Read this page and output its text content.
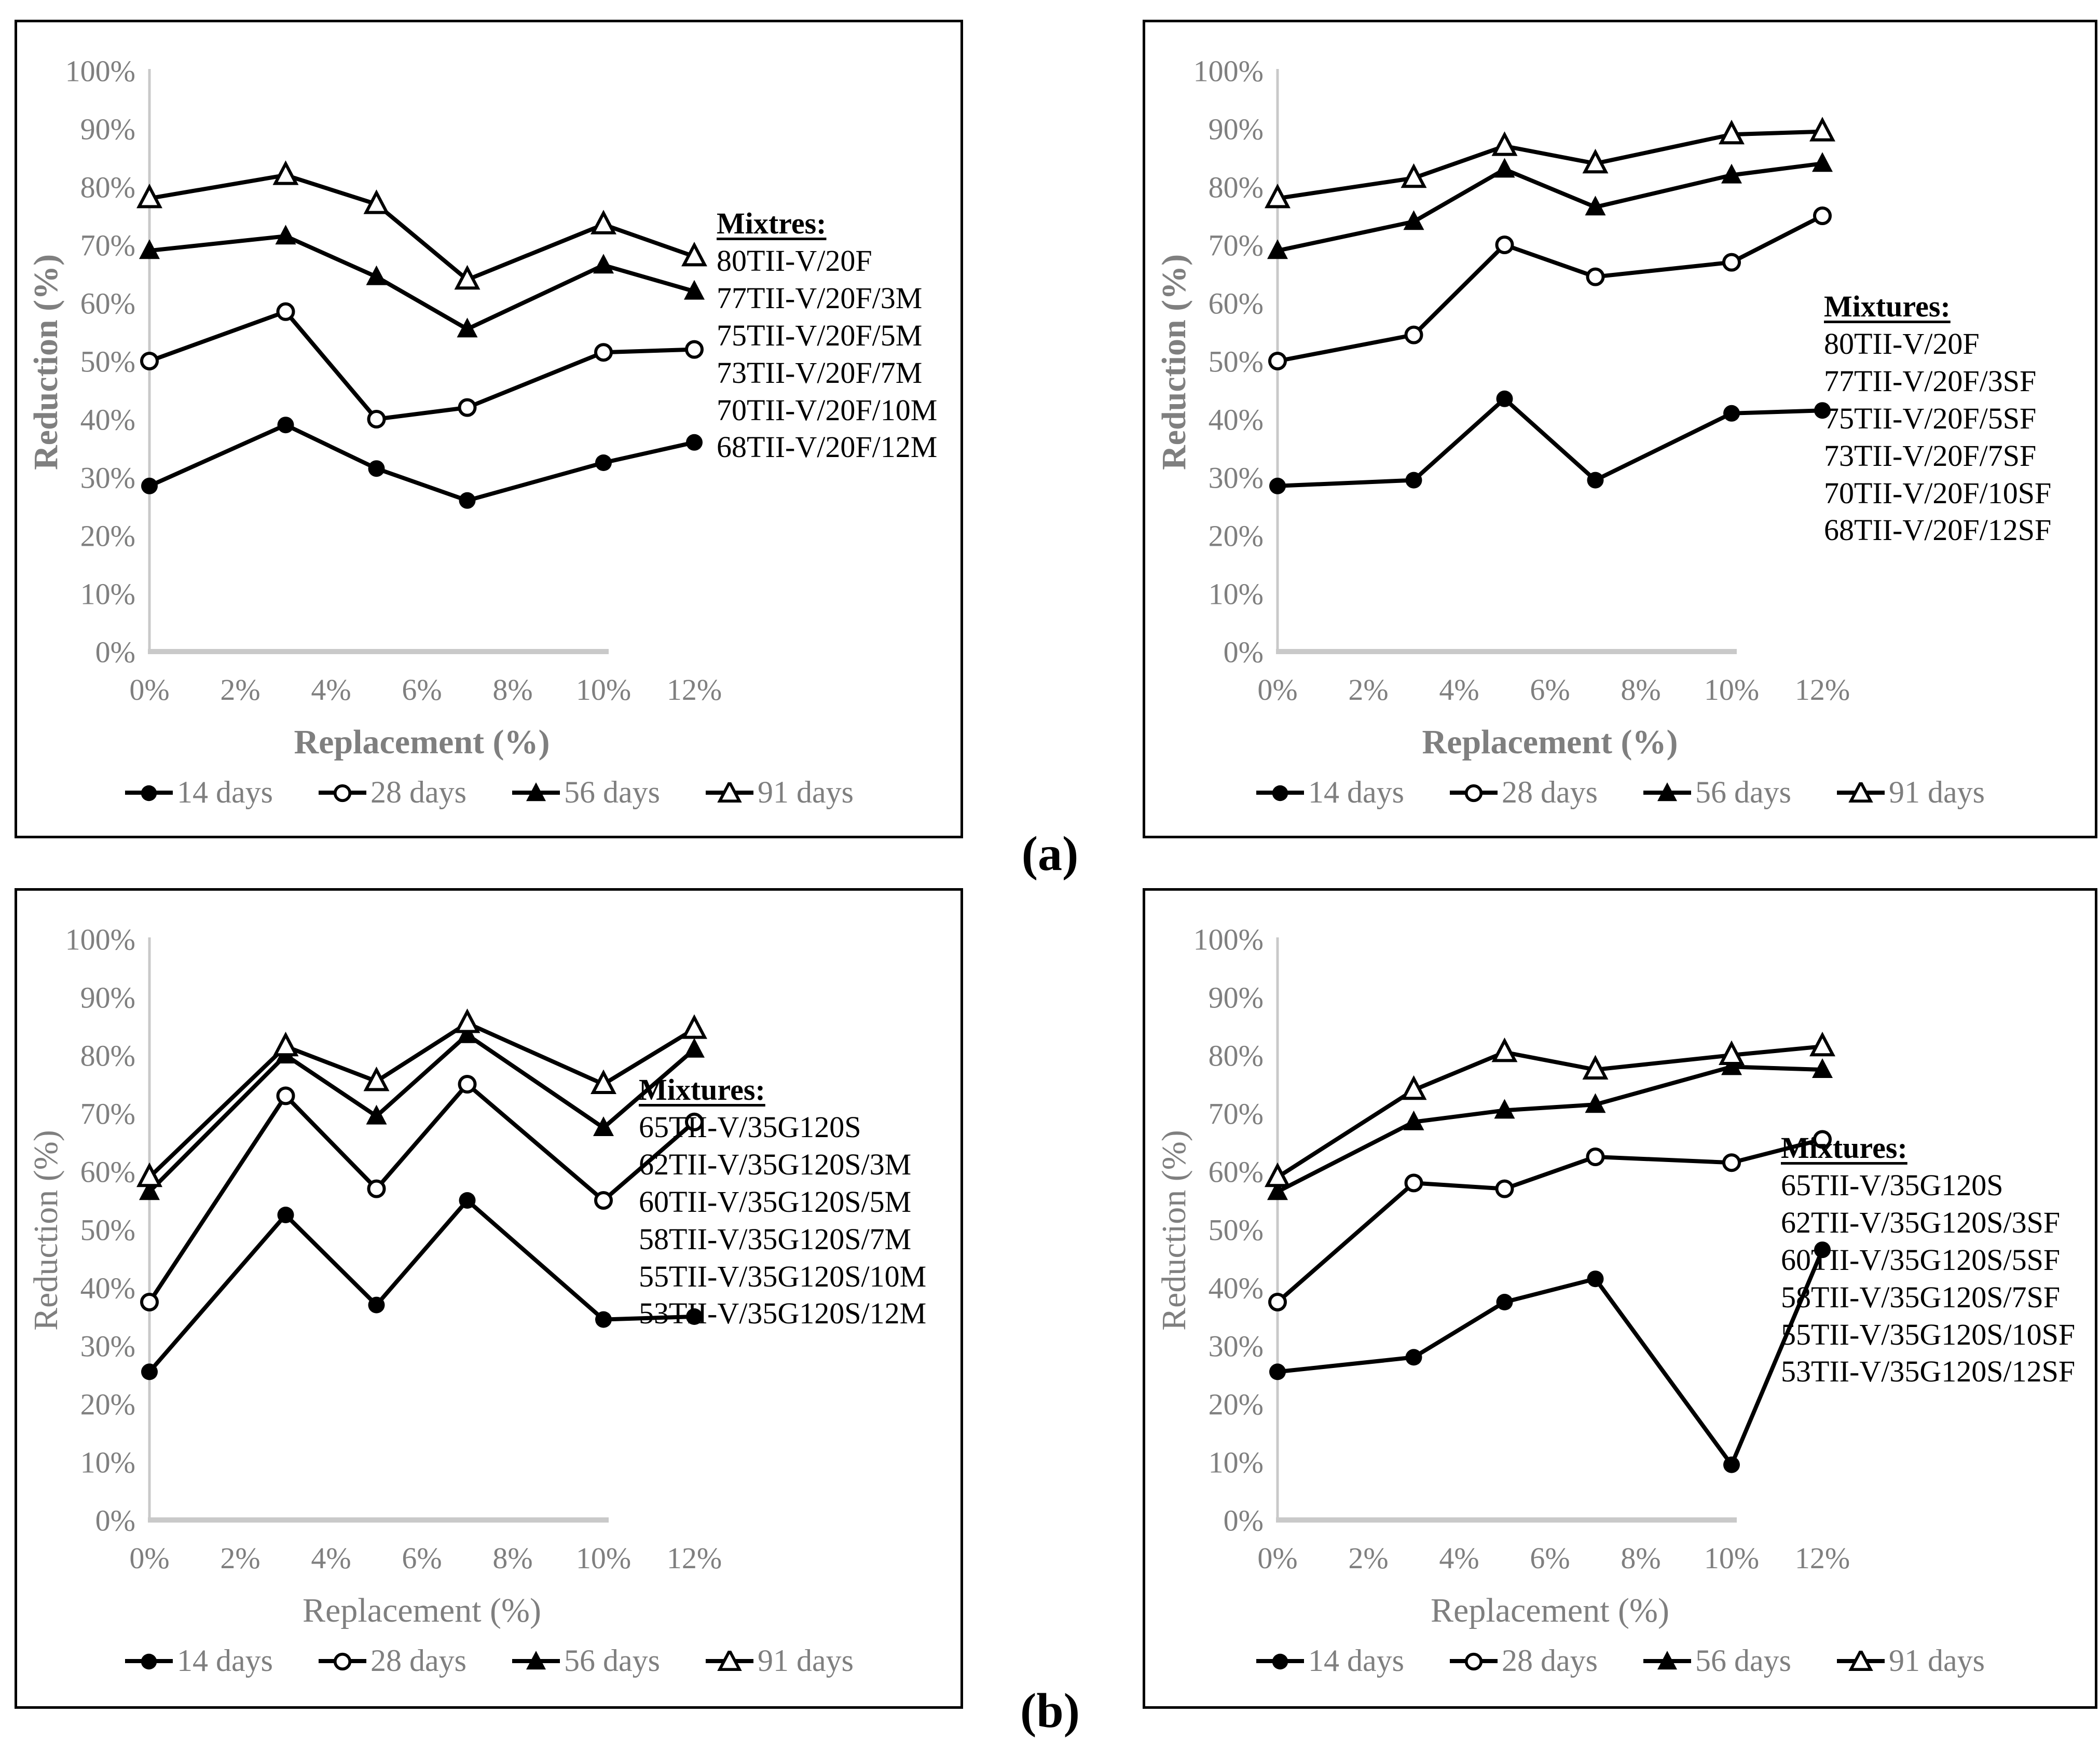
Reduction (%)
100%
90%
80%
70%
60%
50%
40%
30%
20%
10%
0%
0% 2% 4% 6% 8% 10% 12%
Replacement (%)
Mixtres:
80TII-V/20F
77TII-V/20F/3M
75TII-V/20F/5M
73TII-V/20F/7M
70TII-V/20F/10M
68TII-V/20F/12M
14 days	28 days	56 days	91 days
Reduction (%)
100%
90%
80%
70%
60%
50%
40%
30%
20%
10%
0%
0% 2% 4% 6% 8% 10% 12%
Replacement (%)
Mixtures:
80TII-V/20F
77TII-V/20F/3SF
75TII-V/20F/5SF
73TII-V/20F/7SF
70TII-V/20F/10SF
68TII-V/20F/12SF
14 days	28 days	56 days	91 days
(a)
Reduction (%)
100%
90%
80%
70%
60%
50%
40%
30%
20%
10%
0%
0% 2% 4% 6% 8% 10% 12%
Replacement (%)
Mixtures:
65TII-V/35G120S
62TII-V/35G120S/3M
60TII-V/35G120S/5M
58TII-V/35G120S/7M
55TII-V/35G120S/10M
53TII-V/35G120S/12M
14 days	28 days	56 days	91 days
Reduction (%)
100%
90%
80%
70%
60%
50%
40%
30%
20%
10%
0%
0% 2% 4% 6% 8% 10% 12%
Replacement (%)
Mixtures:
65TII-V/35G120S
62TII-V/35G120S/3SF
60TII-V/35G120S/5SF
58TII-V/35G120S/7SF
55TII-V/35G120S/10SF
53TII-V/35G120S/12SF
14 days	28 days	56 days	91 days
(b)
